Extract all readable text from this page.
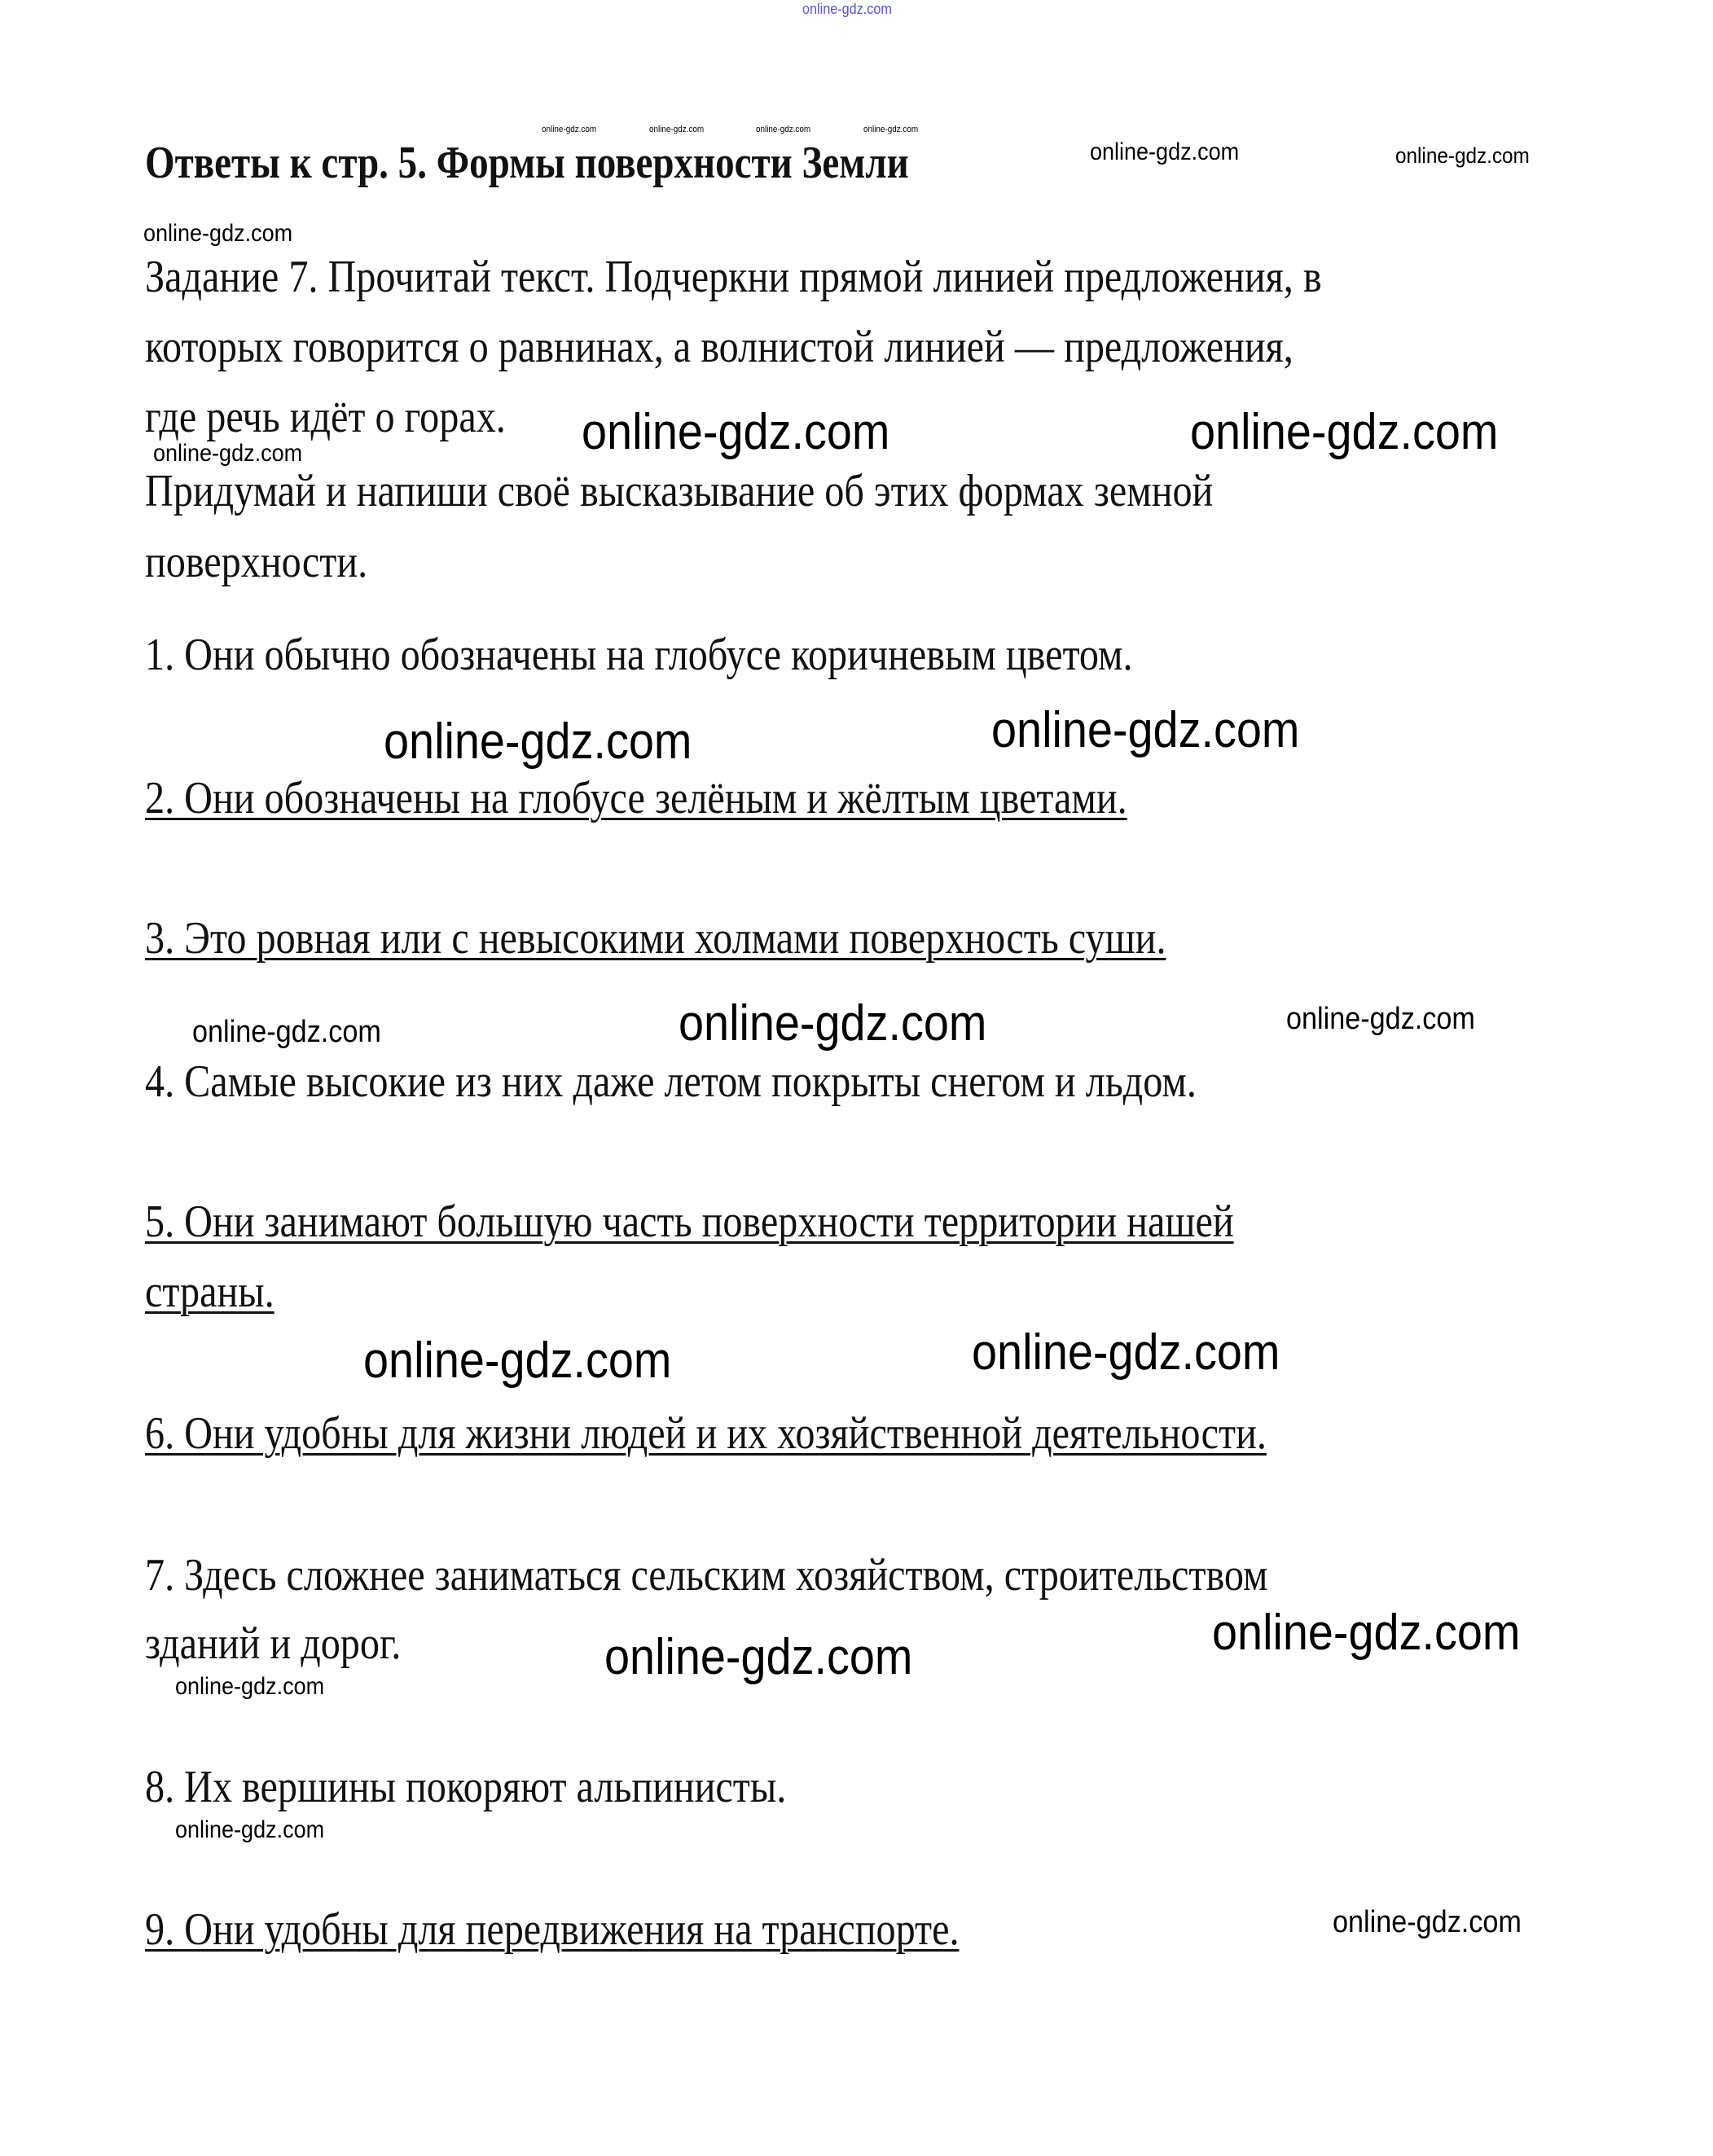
online-gdz.com
Ответы к стр. 5. Формы поверхности Земли
online-gdz.com	online-gdz.com	online-gdz.com	online-gdz.com
online-gdz.com	online-gdz.com
online-gdz.com
Задание 7. Прочитай текст. Подчеркни прямой линией предложения, в
которых говорится о равнинах, а волнистой линией — предложения,
где речь идёт о горах.
Придумай и напиши своё высказывание об этих формах земной
поверхности.
online-gdz.com	online-gdz.com	online-gdz.com
1. Они обычно обозначены на глобусе коричневым цветом.
2. Они обозначены на глобусе зелёным и жёлтым цветами.
3. Это ровная или с невысокими холмами поверхность суши.
4. Самые высокие из них даже летом покрыты снегом и льдом.
5. Они занимают большую часть поверхности территории нашей
страны.
6. Они удобны для жизни людей и их хозяйственной деятельности.
7. Здесь сложнее заниматься сельским хозяйством, строительством
зданий и дорог.
8. Их вершины покоряют альпинисты.
9. Они удобны для передвижения на транспорте.
online-gdz.com	online-gdz.com
online-gdz.com	online-gdz.com	online-gdz.com
online-gdz.com	online-gdz.com
online-gdz.com
online-gdz.com	online-gdz.com
online-gdz.com
online-gdz.com
